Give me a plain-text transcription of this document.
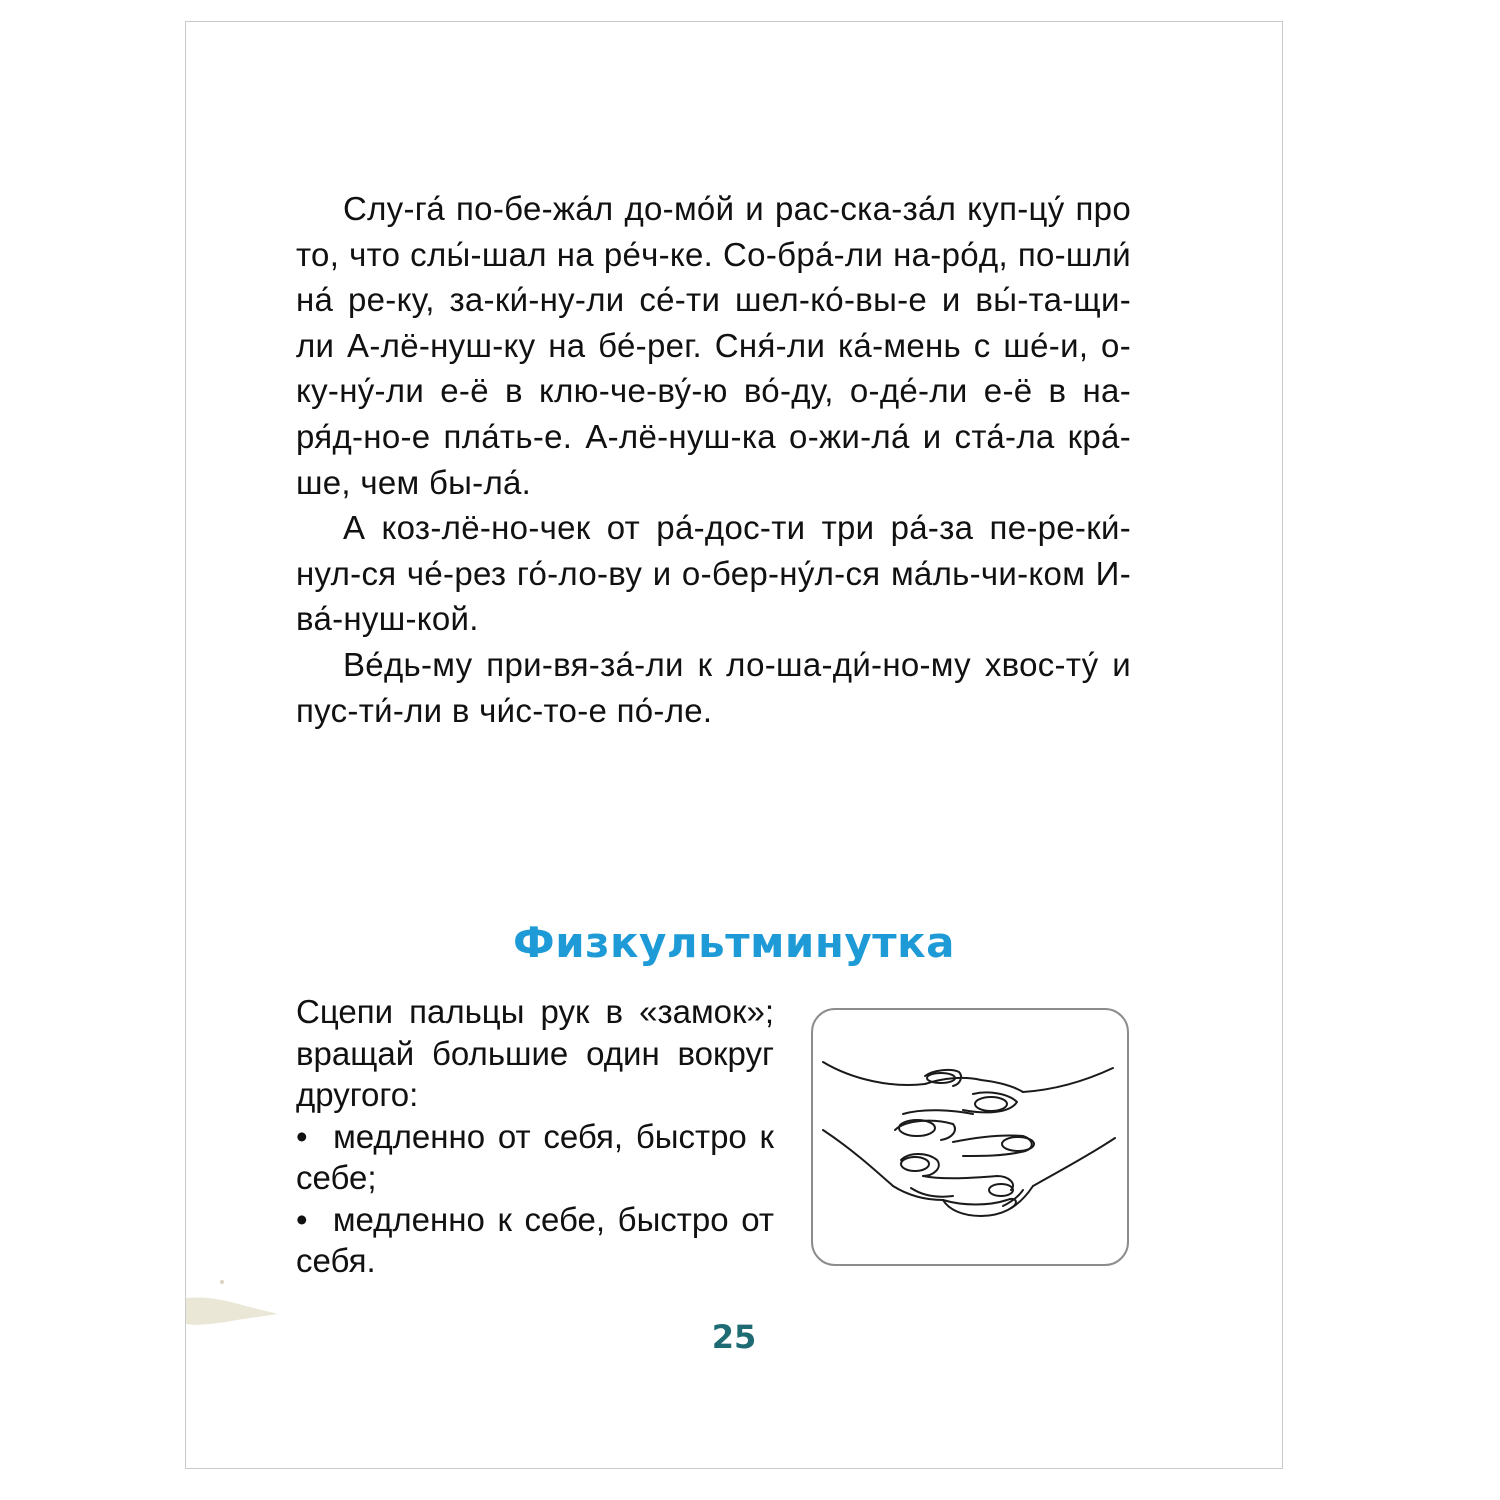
Слу-га́ по-бе-жа́л до-мо́й и рас-ска-за́л куп-цу́ про то, что слы́-шал на ре́ч-ке. Со-бра́-ли на-ро́д, по-шли́ на́ ре-ку, за-ки́-ну-ли се́-ти шел-ко́-вы-е и вы́-та-щи-ли А-лё-нуш-ку на бе́-рег. Сня́-ли ка́-мень с ше́-и, о-ку-ну́-ли е-ё в клю-че-ву́-ю во́-ду, о-де́-ли е-ё в на-ря́д-но-е пла́ть-е. А-лё-нуш-ка о-жи-ла́ и ста́-ла кра́-ше, чем бы-ла́.

А коз-лё-но-чек от ра́-дос-ти три ра́-за пе-ре-ки́-нул-ся че́-рез го́-ло-ву и о-бер-ну́л-ся ма́ль-чи-ком И-ва́-нуш-кой.

Ве́дь-му при-вя-за́-ли к ло-ша-ди́-но-му хвос-ту́ и пус-ти́-ли в чи́с-то-е по́-ле.

Физкультминутка

Сцепи пальцы рук в «замок»; вращай большие один вокруг другого:

• медленно от себя, быстро к себе;

• медленно к себе, быстро от себя.

25
